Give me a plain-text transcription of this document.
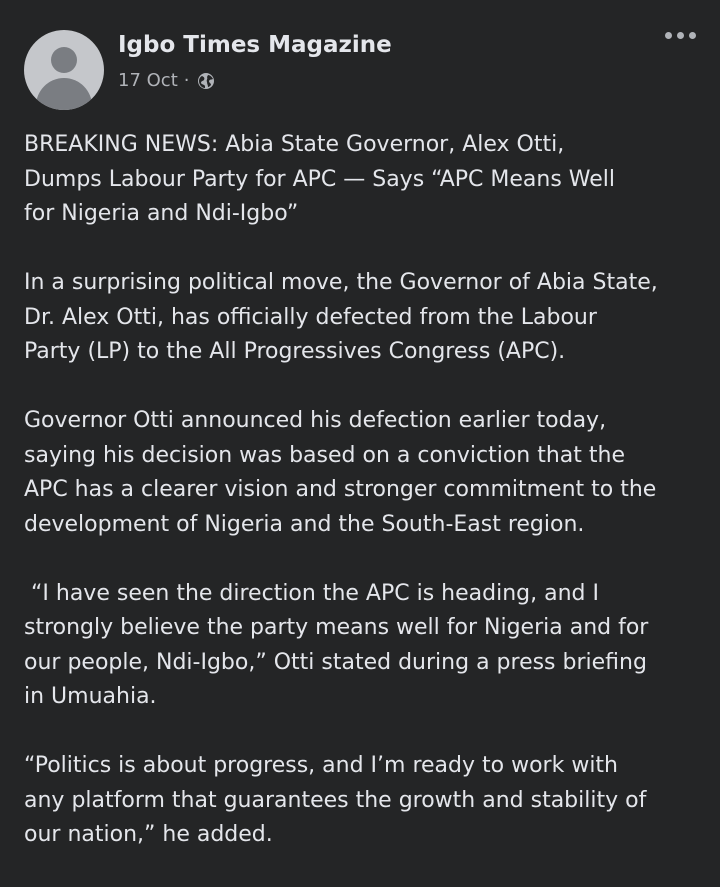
Igbo Times Magazine
17 Oct ·

BREAKING NEWS: Abia State Governor, Alex Otti,
Dumps Labour Party for APC — Says “APC Means Well
for Nigeria and Ndi-Igbo”

In a surprising political move, the Governor of Abia State,
Dr. Alex Otti, has officially defected from the Labour
Party (LP) to the All Progressives Congress (APC).

Governor Otti announced his defection earlier today,
saying his decision was based on a conviction that the
APC has a clearer vision and stronger commitment to the
development of Nigeria and the South-East region.

“I have seen the direction the APC is heading, and I
strongly believe the party means well for Nigeria and for
our people, Ndi-Igbo,” Otti stated during a press briefing
in Umuahia.

“Politics is about progress, and I’m ready to work with
any platform that guarantees the growth and stability of
our nation,” he added.
